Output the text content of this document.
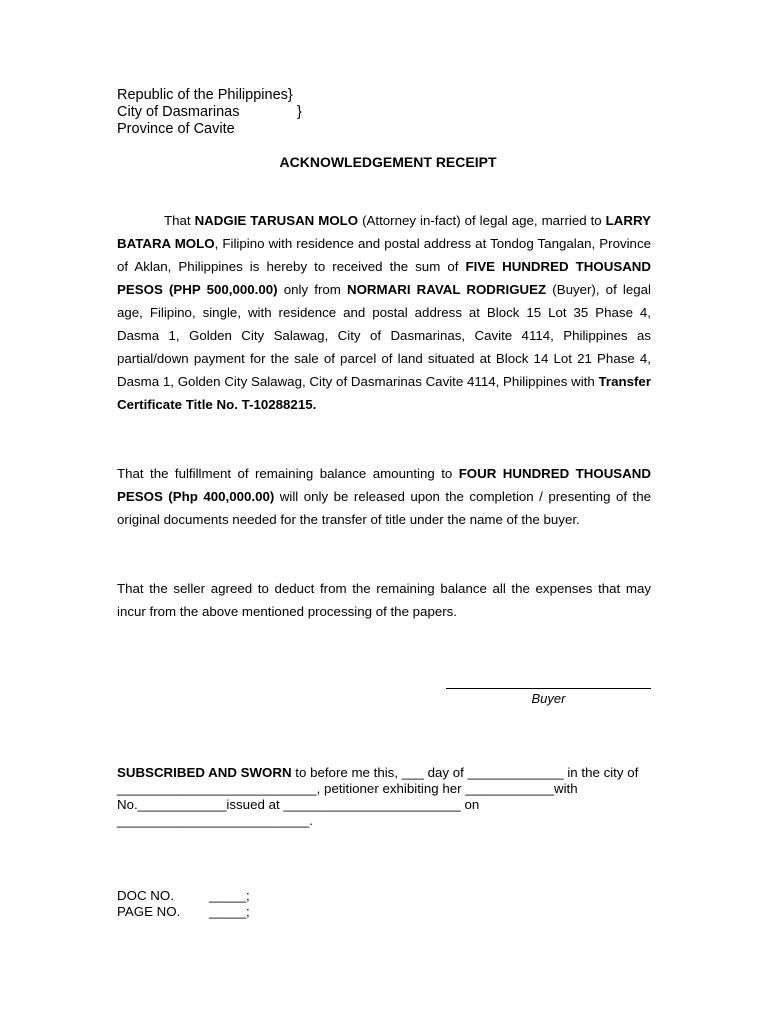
Republic of the Philippines }
City of Dasmarinas	}
Province of Cavite
ACKNOWLEDGEMENT RECEIPT

That NADGIE TARUSAN MOLO (Attorney in-fact) of legal age, married to LARRY BATARA MOLO, Filipino with residence and postal address at Tondog Tangalan, Province of Aklan, Philippines is hereby to received the sum of FIVE HUNDRED THOUSAND PESOS (PHP 500,000.00) only from NORMARI RAVAL RODRIGUEZ (Buyer), of legal age, Filipino, single, with residence and postal address at Block 15 Lot 35 Phase 4, Dasma 1, Golden City Salawag, City of Dasmarinas, Cavite 4114, Philippines as partial/down payment for the sale of parcel of land situated at Block 14 Lot 21 Phase 4, Dasma 1, Golden City Salawag, City of Dasmarinas Cavite 4114, Philippines with Transfer Certificate Title No. T-10288215.

That the fulfillment of remaining balance amounting to FOUR HUNDRED THOUSAND PESOS (Php 400,000.00) will only be released upon the completion / presenting of the original documents needed for the transfer of title under the name of the buyer.

That the seller agreed to deduct from the remaining balance all the expenses that may incur from the above mentioned processing of the papers.

Buyer

SUBSCRIBED AND SWORN to before me this, ___ day of _____________ in the city of ___________________________, petitioner exhibiting her ____________with No.____________issued at ________________________ on __________________________.

DOC NO.	_____;
PAGE NO.	_____;
